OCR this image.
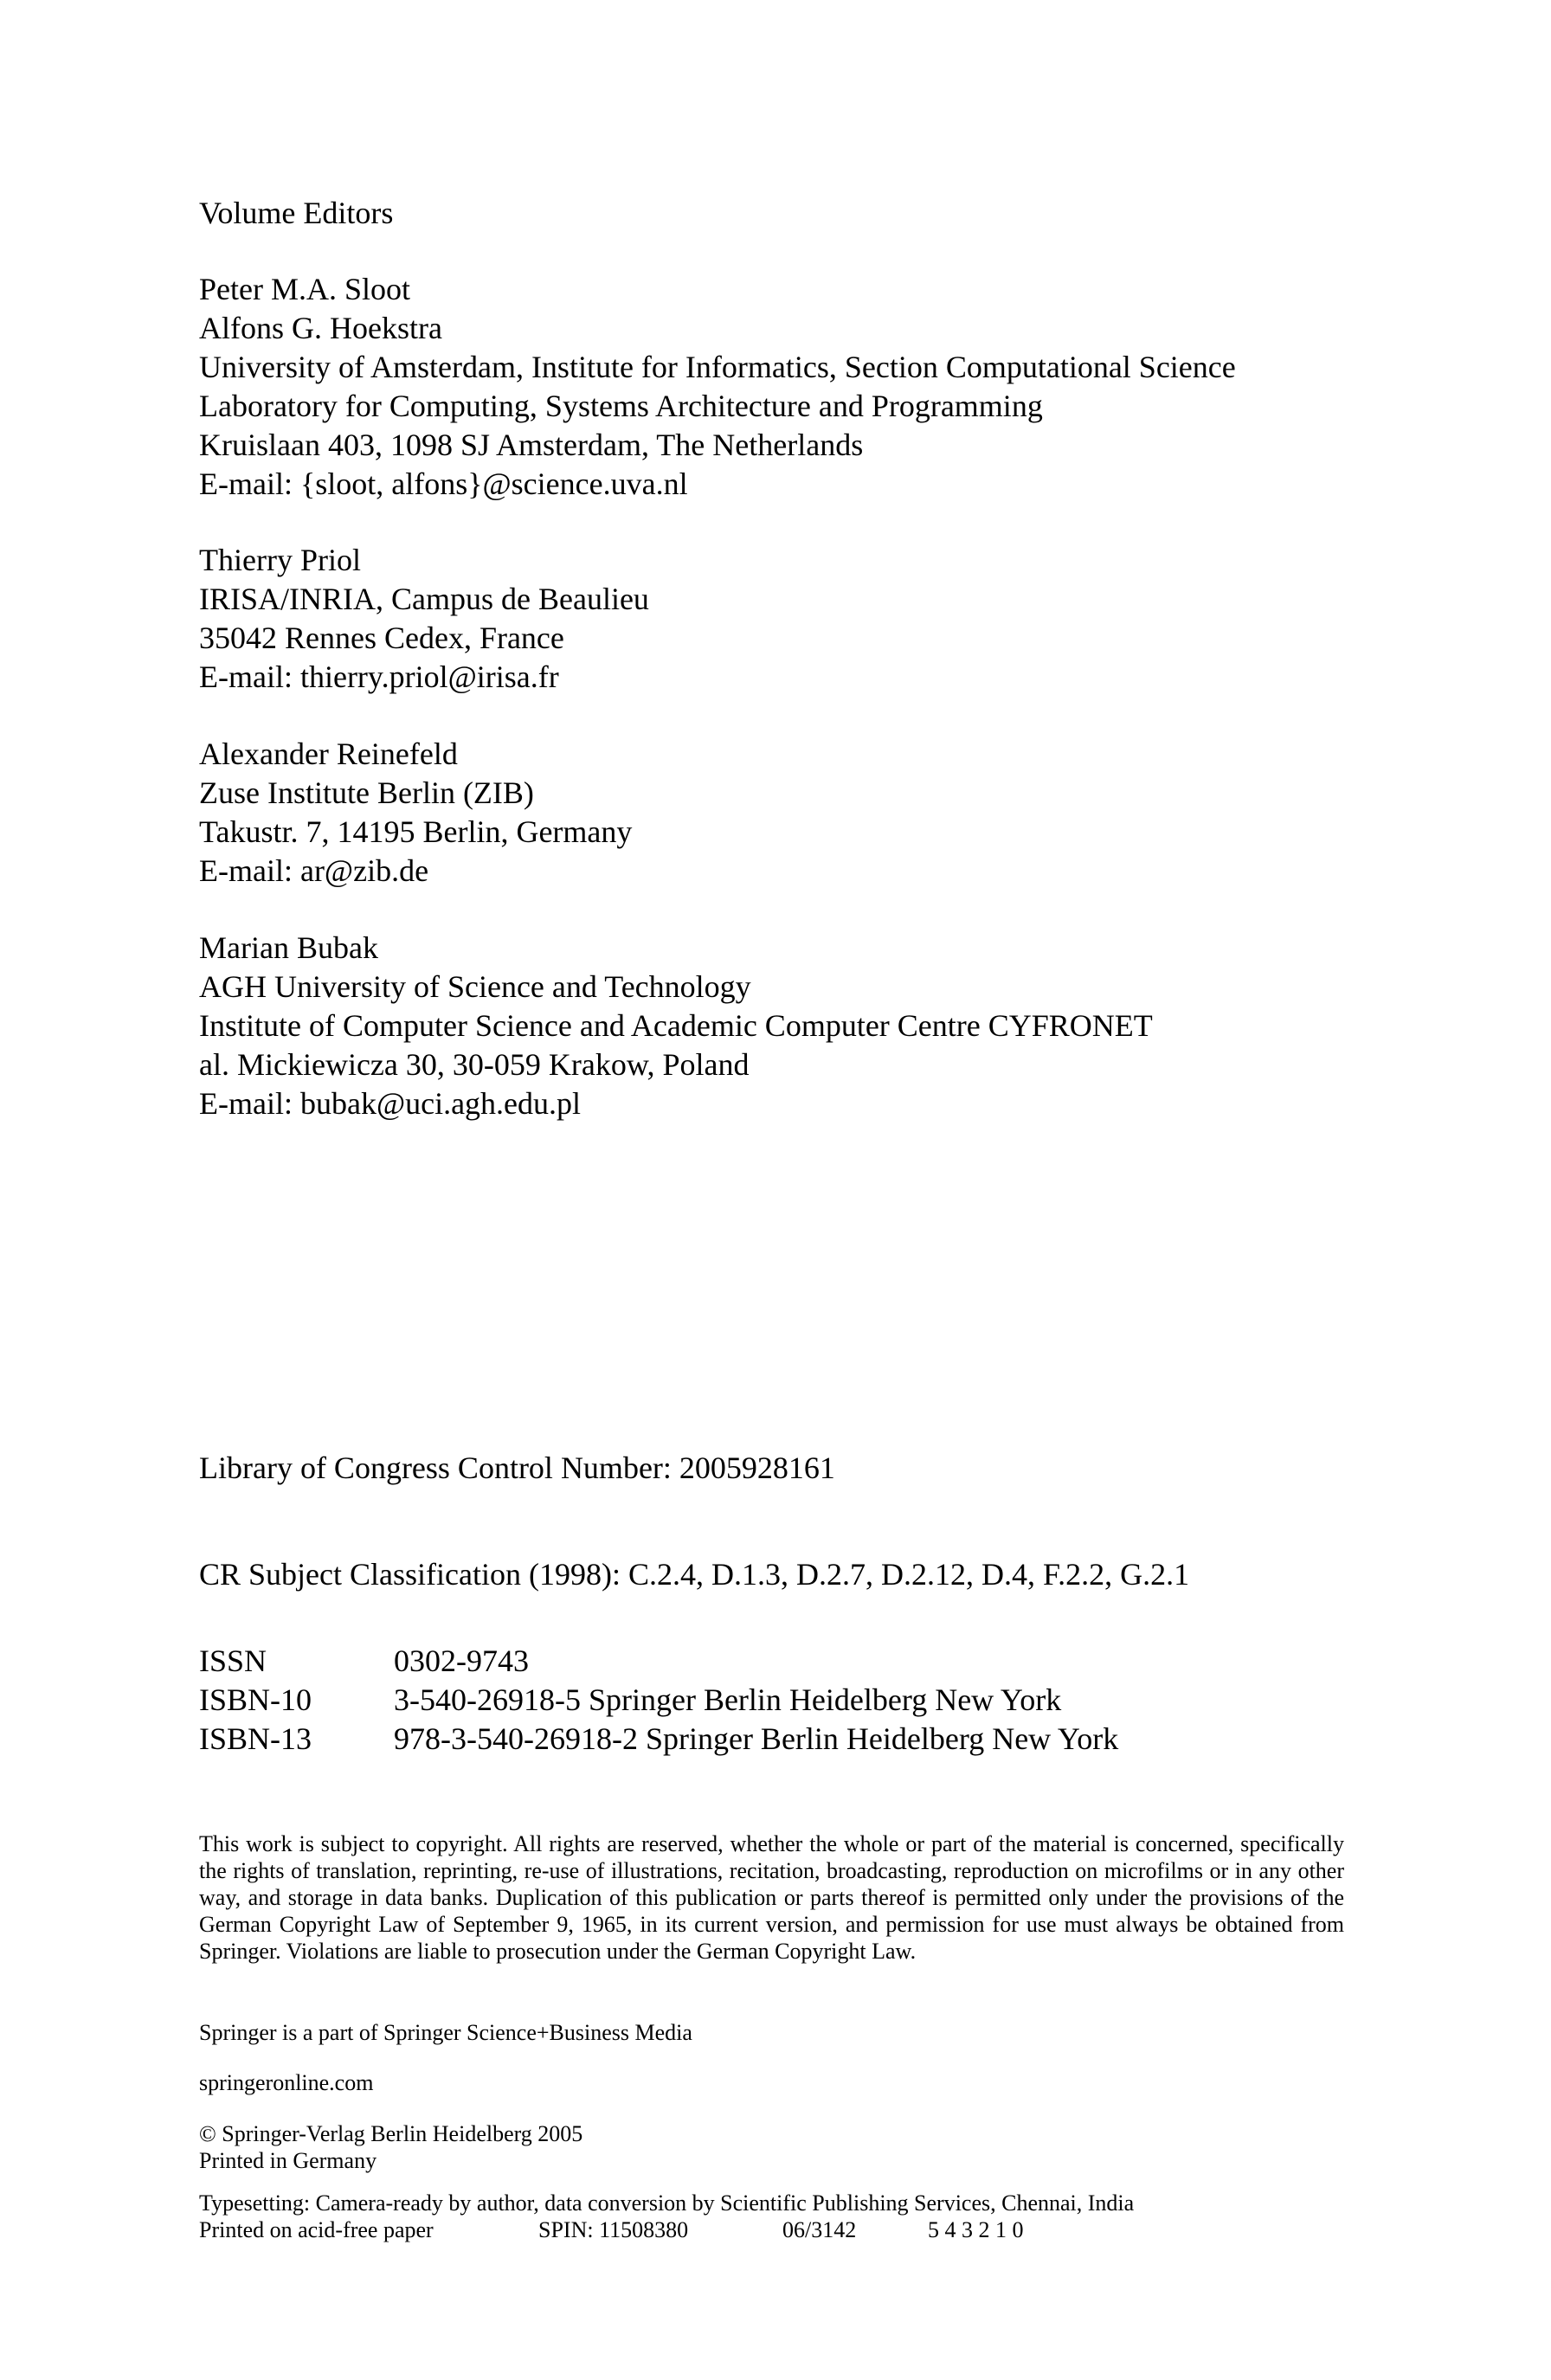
Volume Editors
Peter M.A. Sloot
Alfons G. Hoekstra
University of Amsterdam, Institute for Informatics, Section Computational Science
Laboratory for Computing, Systems Architecture and Programming
Kruislaan 403, 1098 SJ Amsterdam, The Netherlands
E-mail: {sloot, alfons}@science.uva.nl
Thierry Priol
IRISA/INRIA, Campus de Beaulieu
35042 Rennes Cedex, France
E-mail: thierry.priol@irisa.fr
Alexander Reinefeld
Zuse Institute Berlin (ZIB)
Takustr. 7, 14195 Berlin, Germany
E-mail: ar@zib.de
Marian Bubak
AGH University of Science and Technology
Institute of Computer Science and Academic Computer Centre CYFRONET
al. Mickiewicza 30, 30-059 Krakow, Poland
E-mail: bubak@uci.agh.edu.pl
Library of Congress Control Number: 2005928161
CR Subject Classification (1998): C.2.4, D.1.3, D.2.7, D.2.12, D.4, F.2.2, G.2.1
ISSN	0302-9743
ISBN-10	3-540-26918-5 Springer Berlin Heidelberg New York
ISBN-13	978-3-540-26918-2 Springer Berlin Heidelberg New York
This work is subject to copyright. All rights are reserved, whether the whole or part of the material is concerned, specifically the rights of translation, reprinting, re-use of illustrations, recitation, broadcasting, reproduction on microfilms or in any other way, and storage in data banks. Duplication of this publication or parts thereof is permitted only under the provisions of the German Copyright Law of September 9, 1965, in its current version, and permission for use must always be obtained from Springer. Violations are liable to prosecution under the German Copyright Law.
Springer is a part of Springer Science+Business Media
springeronline.com
© Springer-Verlag Berlin Heidelberg 2005
Printed in Germany
Typesetting: Camera-ready by author, data conversion by Scientific Publishing Services, Chennai, India
Printed on acid-free paper	SPIN: 11508380	06/3142	5 4 3 2 1 0
